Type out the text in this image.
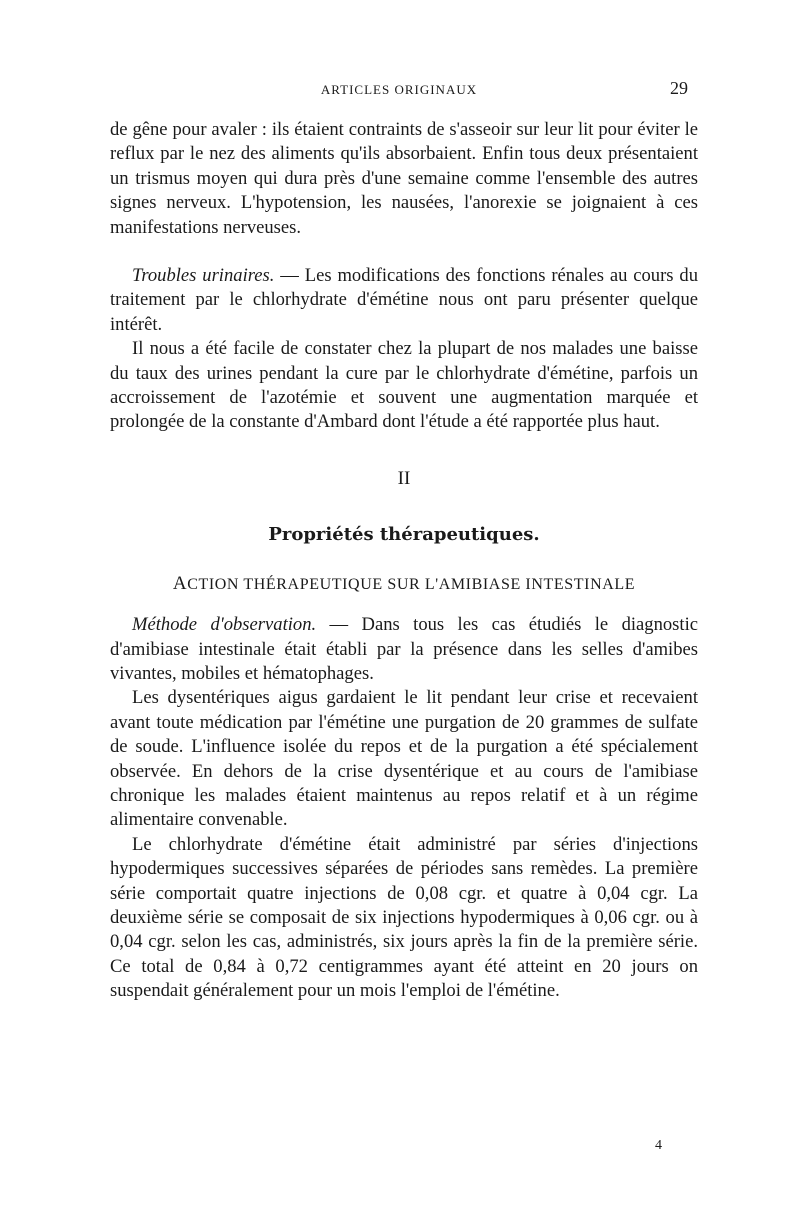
ARTICLES ORIGINAUX	29

de gêne pour avaler : ils étaient contraints de s'asseoir sur leur lit pour éviter le reflux par le nez des aliments qu'ils absorbaient. Enfin tous deux présentaient un trismus moyen qui dura près d'une semaine comme l'ensemble des autres signes nerveux. L'hypotension, les nausées, l'anorexie se joignaient à ces manifestations nerveuses.

Troubles urinaires. — Les modifications des fonctions rénales au cours du traitement par le chlorhydrate d'émétine nous ont paru présenter quelque intérêt.

Il nous a été facile de constater chez la plupart de nos malades une baisse du taux des urines pendant la cure par le chlorhydrate d'émétine, parfois un accroissement de l'azotémie et souvent une augmentation marquée et prolongée de la constante d'Ambard dont l'étude a été rapportée plus haut.

II

Propriétés thérapeutiques.

ACTION THÉRAPEUTIQUE SUR L'AMIBIASE INTESTINALE

Méthode d'observation. — Dans tous les cas étudiés le diagnostic d'amibiase intestinale était établi par la présence dans les selles d'amibes vivantes, mobiles et hématophages.

Les dysentériques aigus gardaient le lit pendant leur crise et recevaient avant toute médication par l'émétine une purgation de 20 grammes de sulfate de soude. L'influence isolée du repos et de la purgation a été spécialement observée. En dehors de la crise dysentérique et au cours de l'amibiase chronique les malades étaient maintenus au repos relatif et à un régime alimentaire convenable.

Le chlorhydrate d'émétine était administré par séries d'injections hypodermiques successives séparées de périodes sans remèdes. La première série comportait quatre injections de 0,08 cgr. et quatre à 0,04 cgr. La deuxième série se composait de six injections hypodermiques à 0,06 cgr. ou à 0,04 cgr. selon les cas, administrés, six jours après la fin de la première série. Ce total de 0,84 à 0,72 centigrammes ayant été atteint en 20 jours on suspendait généralement pour un mois l'emploi de l'émétine.

4
